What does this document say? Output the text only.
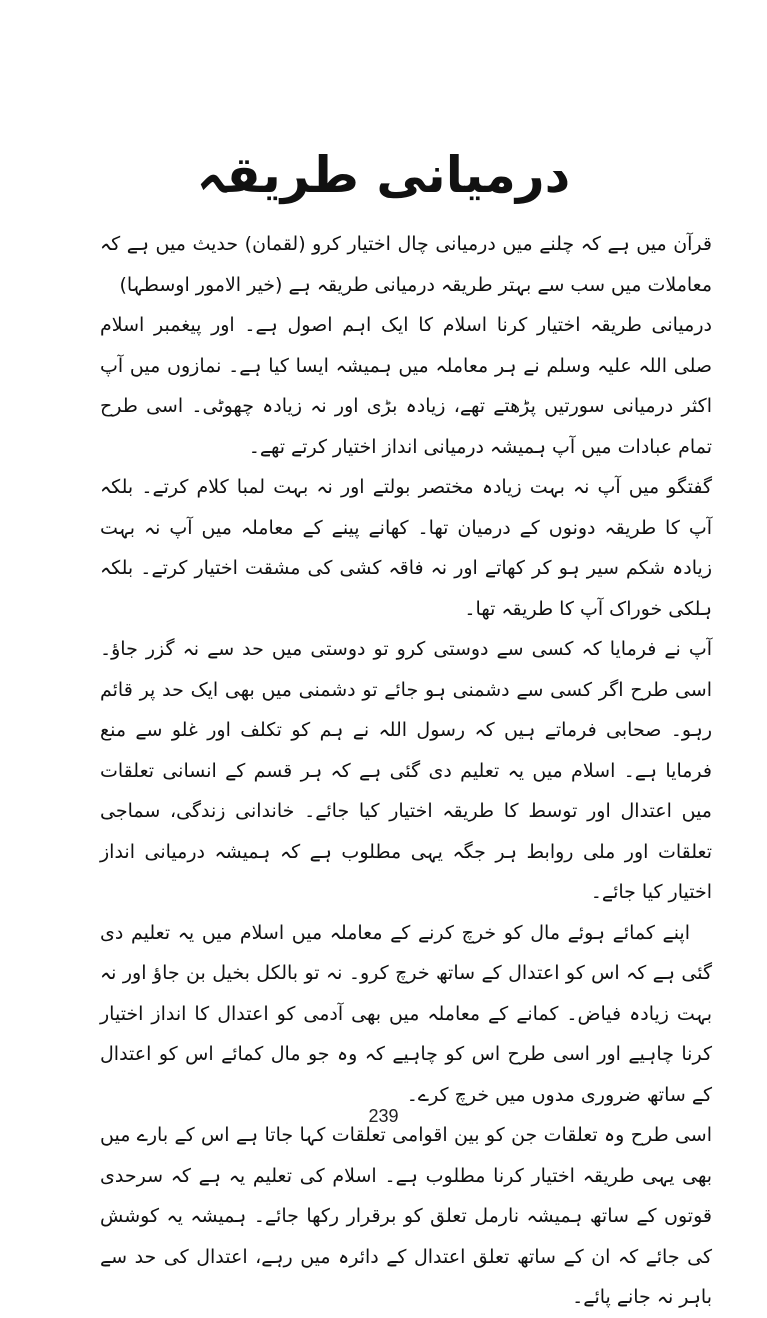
درمیانی طریقہ

قرآن میں ہے کہ چلنے میں درمیانی چال اختیار کرو (لقمان) حدیث میں ہے کہ معاملات میں سب سے بہتر طریقہ درمیانی طریقہ ہے (خیر الامور اوسطہا)

درمیانی طریقہ اختیار کرنا اسلام کا ایک اہم اصول ہے۔ اور پیغمبر اسلام صلی اللہ علیہ وسلم نے ہر معاملہ میں ہمیشہ ایسا کیا ہے۔ نمازوں میں آپ اکثر درمیانی سورتیں پڑھتے تھے، زیادہ بڑی اور نہ زیادہ چھوٹی۔ اسی طرح تمام عبادات میں آپ ہمیشہ درمیانی انداز اختیار کرتے تھے۔

گفتگو میں آپ نہ بہت زیادہ مختصر بولتے اور نہ بہت لمبا کلام کرتے۔ بلکہ آپ کا طریقہ دونوں کے درمیان تھا۔ کھانے پینے کے معاملہ میں آپ نہ بہت زیادہ شکم سیر ہو کر کھاتے اور نہ فاقہ کشی کی مشقت اختیار کرتے۔ بلکہ ہلکی خوراک آپ کا طریقہ تھا۔

آپ نے فرمایا کہ کسی سے دوستی کرو تو دوستی میں حد سے نہ گزر جاؤ۔ اسی طرح اگر کسی سے دشمنی ہو جائے تو دشمنی میں بھی ایک حد پر قائم رہو۔ صحابی فرماتے ہیں کہ رسول اللہ نے ہم کو تکلف اور غلو سے منع فرمایا ہے۔ اسلام میں یہ تعلیم دی گئی ہے کہ ہر قسم کے انسانی تعلقات میں اعتدال اور توسط کا طریقہ اختیار کیا جائے۔ خاندانی زندگی، سماجی تعلقات اور ملی روابط ہر جگہ یہی مطلوب ہے کہ ہمیشہ درمیانی انداز اختیار کیا جائے۔

اپنے کمائے ہوئے مال کو خرچ کرنے کے معاملہ میں اسلام میں یہ تعلیم دی گئی ہے کہ اس کو اعتدال کے ساتھ خرچ کرو۔ نہ تو بالکل بخیل بن جاؤ اور نہ بہت زیادہ فیاض۔ کمانے کے معاملہ میں بھی آدمی کو اعتدال کا انداز اختیار کرنا چاہیے اور اسی طرح اس کو چاہیے کہ وہ جو مال کمائے اس کو اعتدال کے ساتھ ضروری مدوں میں خرچ کرے۔

اسی طرح وہ تعلقات جن کو بین اقوامی تعلقات کہا جاتا ہے اس کے بارے میں بھی یہی طریقہ اختیار کرنا مطلوب ہے۔ اسلام کی تعلیم یہ ہے کہ سرحدی قوتوں کے ساتھ ہمیشہ نارمل تعلق کو برقرار رکھا جائے۔ ہمیشہ یہ کوشش کی جائے کہ ان کے ساتھ تعلق اعتدال کے دائرہ میں رہے، اعتدال کی حد سے باہر نہ جانے پائے۔

239
